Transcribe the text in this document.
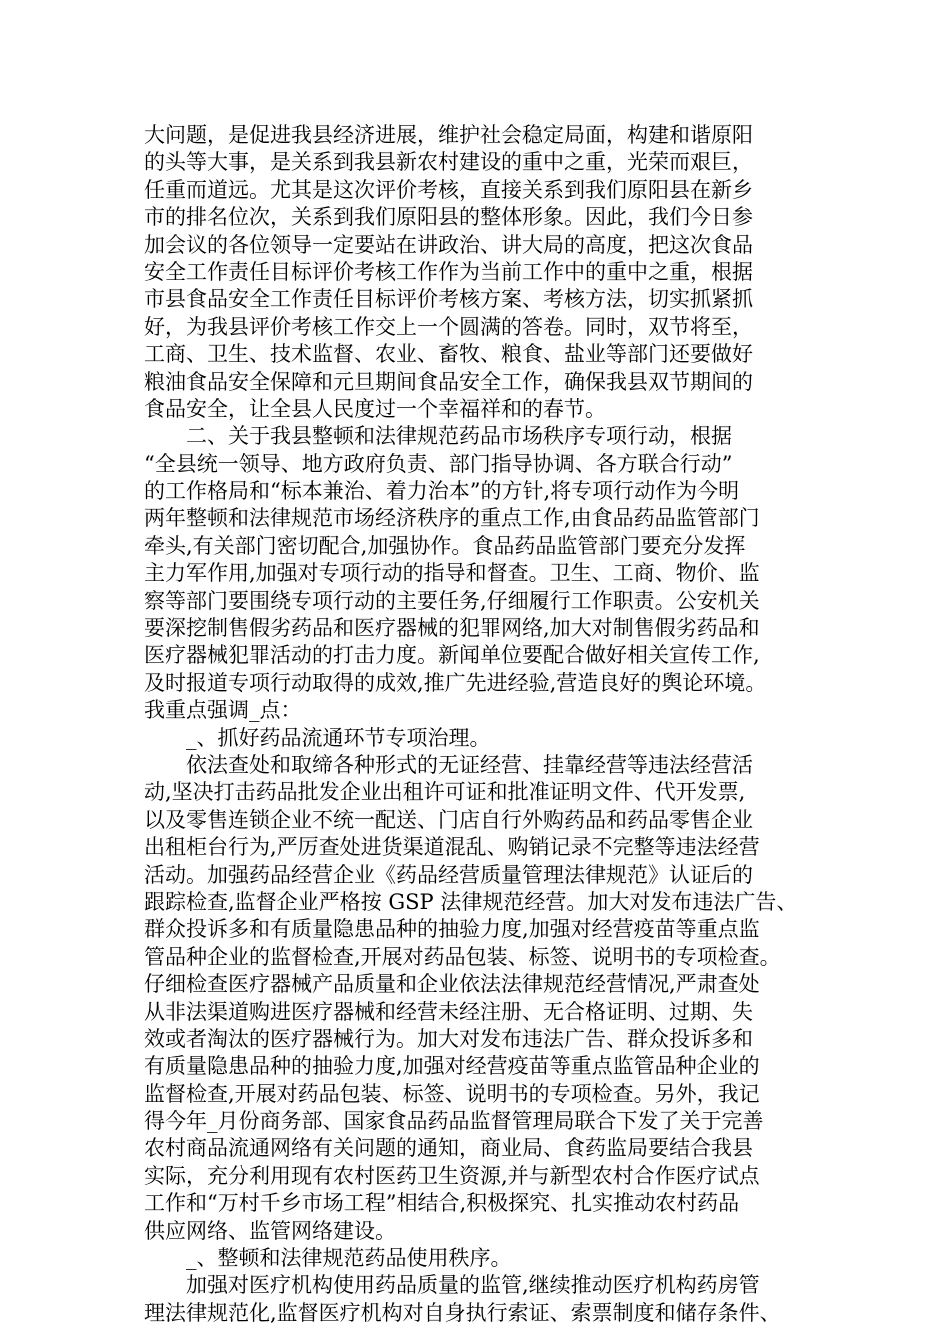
大问题，是促进我县经济进展，维护社会稳定局面，构建和谐原阳
的头等大事，是关系到我县新农村建设的重中之重，光荣而艰巨，
任重而道远。尤其是这次评价考核，直接关系到我们原阳县在新乡
市的排名位次，关系到我们原阳县的整体形象。因此，我们今日参
加会议的各位领导一定要站在讲政治、讲大局的高度，把这次食品
安全工作责任目标评价考核工作作为当前工作中的重中之重，根据
市县食品安全工作责任目标评价考核方案、考核方法，切实抓紧抓
好，为我县评价考核工作交上一个圆满的答卷。同时，双节将至，
工商、卫生、技术监督、农业、畜牧、粮食、盐业等部门还要做好
粮油食品安全保障和元旦期间食品安全工作，确保我县双节期间的
食品安全，让全县人民度过一个幸福祥和的春节。
二、关于我县整顿和法律规范药品市场秩序专项行动，根据
“全县统一领导、地方政府负责、部门指导协调、各方联合行动”
的工作格局和“标本兼治、着力治本”的方针,将专项行动作为今明
两年整顿和法律规范市场经济秩序的重点工作,由食品药品监管部门
牵头,有关部门密切配合,加强协作。食品药品监管部门要充分发挥
主力军作用,加强对专项行动的指导和督查。卫生、工商、物价、监
察等部门要围绕专项行动的主要任务,仔细履行工作职责。公安机关
要深挖制售假劣药品和医疗器械的犯罪网络,加大对制售假劣药品和
医疗器械犯罪活动的打击力度。新闻单位要配合做好相关宣传工作,
及时报道专项行动取得的成效,推广先进经验,营造良好的舆论环境。
我重点强调_点：
_、抓好药品流通环节专项治理。
依法查处和取缔各种形式的无证经营、挂靠经营等违法经营活
动,坚决打击药品批发企业出租许可证和批准证明文件、代开发票,
以及零售连锁企业不统一配送、门店自行外购药品和药品零售企业
出租柜台行为,严厉查处进货渠道混乱、购销记录不完整等违法经营
活动。加强药品经营企业《药品经营质量管理法律规范》认证后的
跟踪检查,监督企业严格按 GSP 法律规范经营。加大对发布违法广告、
群众投诉多和有质量隐患品种的抽验力度,加强对经营疫苗等重点监
管品种企业的监督检查,开展对药品包装、标签、说明书的专项检查。
仔细检查医疗器械产品质量和企业依法法律规范经营情况,严肃查处
从非法渠道购进医疗器械和经营未经注册、无合格证明、过期、失
效或者淘汰的医疗器械行为。加大对发布违法广告、群众投诉多和
有质量隐患品种的抽验力度,加强对经营疫苗等重点监管品种企业的
监督检查,开展对药品包装、标签、说明书的专项检查。另外，我记
得今年_月份商务部、国家食品药品监督管理局联合下发了关于完善
农村商品流通网络有关问题的通知，商业局、食药监局要结合我县
实际，充分利用现有农村医药卫生资源,并与新型农村合作医疗试点
工作和“万村千乡市场工程”相结合,积极探究、扎实推动农村药品
供应网络、监管网络建设。
_、整顿和法律规范药品使用秩序。
加强对医疗机构使用药品质量的监管,继续推动医疗机构药房管
理法律规范化,监督医疗机构对自身执行索证、索票制度和储存条件、
